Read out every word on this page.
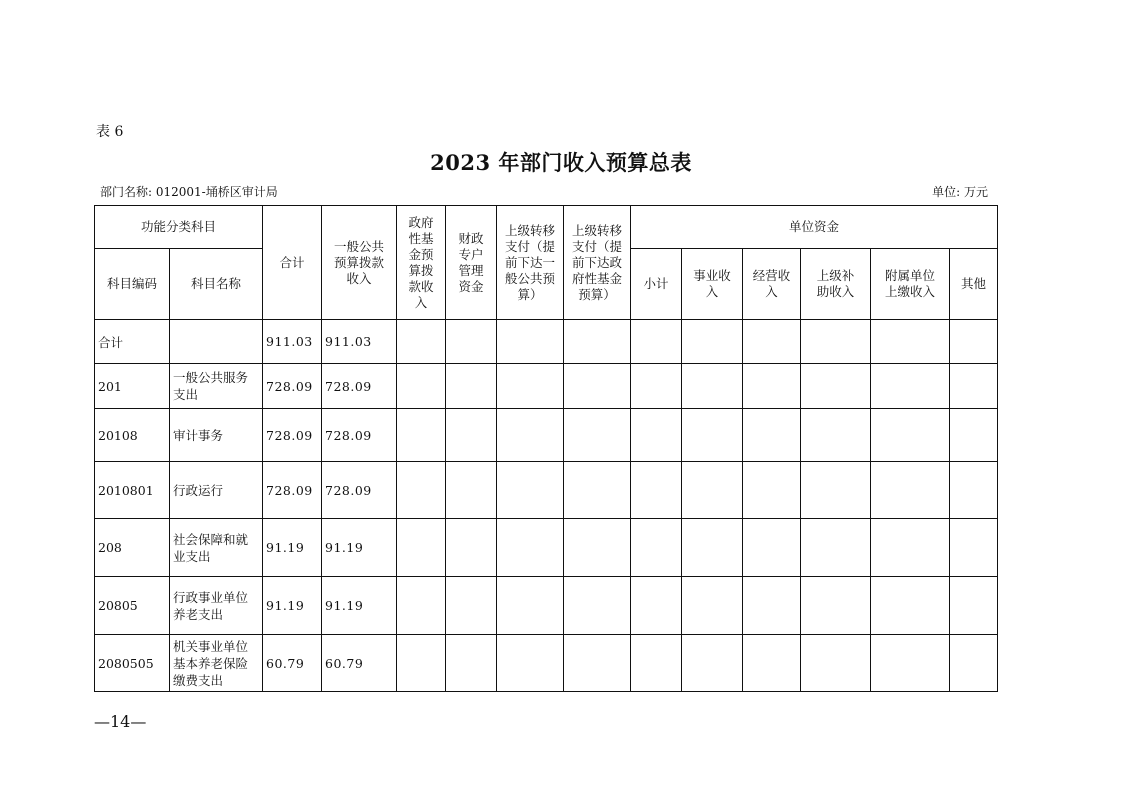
表 6
2023 年部门收入预算总表
部门名称: 012001-埇桥区审计局	单位: 万元
功能分类科目		合计	一般公共预算拨款收入	政府性基金预算拨款收入	财政专户管理资金	上级转移支付（提前下达一般公共预算）	上级转移支付（提前下达政府性基金预算）	单位资金					
科目编码	科目名称							小计	事业收入	经营收入	上级补助收入	附属单位上缴收入	其他
合计		911.03	911.03										
201	一般公共服务支出	728.09	728.09										
20108	审计事务	728.09	728.09										
2010801	行政运行	728.09	728.09										
208	社会保障和就业支出	91.19	91.19										
20805	行政事业单位养老支出	91.19	91.19										
2080505	机关事业单位基本养老保险缴费支出	60.79	60.79										
—14—
